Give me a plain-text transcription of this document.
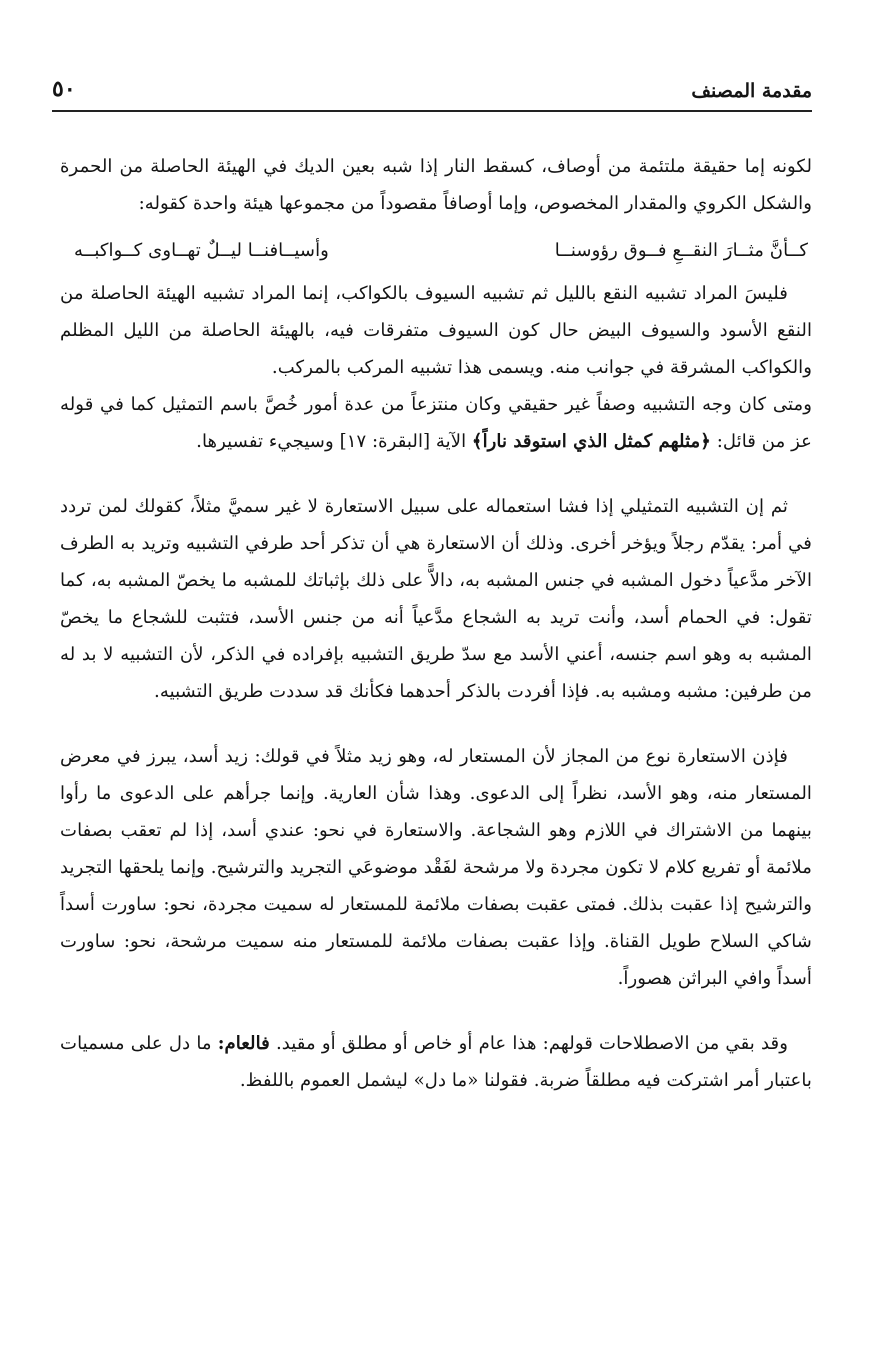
مقدمة المصنف
٥٠

لكونه إما حقيقة ملتئمة من أوصاف، كسقط النار إذا شبه بعين الديك في الهيئة الحاصلة من الحمرة والشكل الكروي والمقدار المخصوص، وإما أوصافاً مقصوداً من مجموعها هيئة واحدة كقوله:

كــأنَّ مثــارَ النقــعِ فــوق رؤوسنــا
وأسيــافنــا ليــلٌ تهــاوى كــواكبــه

فليسَ المراد تشبيه النقع بالليل ثم تشبيه السيوف بالكواكب، إنما المراد تشبيه الهيئة الحاصلة من النقع الأسود والسيوف البيض حال كون السيوف متفرقات فيه، بالهيئة الحاصلة من الليل المظلم والكواكب المشرقة في جوانب منه. ويسمى هذا تشبيه المركب بالمركب.

ومتى كان وجه التشبيه وصفاً غير حقيقي وكان منتزعاً من عدة أمور خُصَّ باسم التمثيل كما في قوله عز من قائل: ﴿مثلهم كمثل الذي استوقد ناراً﴾ الآية [البقرة: ١٧] وسيجيء تفسيرها.

ثم إن التشبيه التمثيلي إذا فشا استعماله على سبيل الاستعارة لا غير سميَّ مثلاً، كقولك لمن تردد في أمر: يقدّم رجلاً ويؤخر أخرى. وذلك أن الاستعارة هي أن تذكر أحد طرفي التشبيه وتريد به الطرف الآخر مدَّعياً دخول المشبه في جنس المشبه به، دالاًّ على ذلك بإثباتك للمشبه ما يخصّ المشبه به، كما تقول: في الحمام أسد، وأنت تريد به الشجاع مدَّعياً أنه من جنس الأسد، فتثبت للشجاع ما يخصّ المشبه به وهو اسم جنسه، أعني الأسد مع سدّ طريق التشبيه بإفراده في الذكر، لأن التشبيه لا بد له من طرفين: مشبه ومشبه به. فإذا أفردت بالذكر أحدهما فكأنك قد سددت طريق التشبيه.

فإذن الاستعارة نوع من المجاز لأن المستعار له، وهو زيد مثلاً في قولك: زيد أسد، يبرز في معرض المستعار منه، وهو الأسد، نظراً إلى الدعوى. وهذا شأن العارية. وإنما جرأهم على الدعوى ما رأوا بينهما من الاشتراك في اللازم وهو الشجاعة. والاستعارة في نحو: عندي أسد، إذا لم تعقب بصفات ملائمة أو تفريع كلام لا تكون مجردة ولا مرشحة لفَقْد موضوعَي التجريد والترشيح. وإنما يلحقها التجريد والترشيح إذا عقبت بذلك. فمتى عقبت بصفات ملائمة للمستعار له سميت مجردة، نحو: ساورت أسداً شاكي السلاح طويل القناة. وإذا عقبت بصفات ملائمة للمستعار منه سميت مرشحة، نحو: ساورت أسداً وافي البراثن هصوراً.

وقد بقي من الاصطلاحات قولهم: هذا عام أو خاص أو مطلق أو مقيد. فالعام: ما دل على مسميات باعتبار أمر اشتركت فيه مطلقاً ضربة. فقولنا «ما دل» ليشمل العموم باللفظ.
